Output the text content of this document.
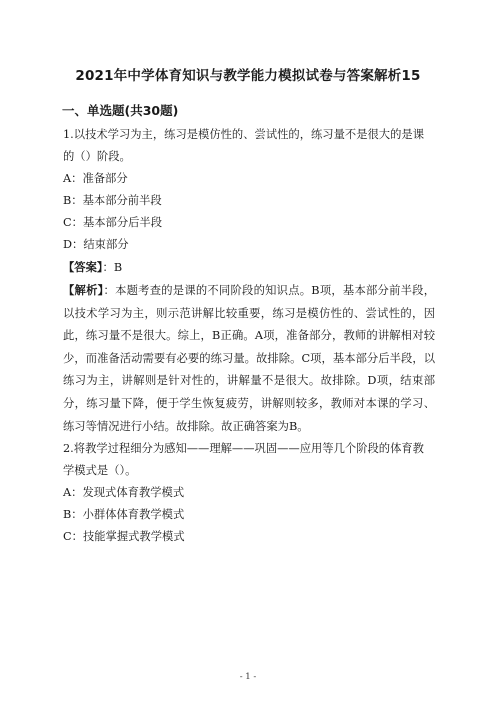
2021年中学体育知识与教学能力模拟试卷与答案解析15
一、单选题(共30题)

1.以技术学习为主，练习是模仿性的、尝试性的，练习量不是很大的是课的（）阶段。

A：准备部分

B：基本部分前半段

C：基本部分后半段

D：结束部分

【答案】：B

【解析】：本题考查的是课的不同阶段的知识点。B项，基本部分前半段，以技术学习为主，则示范讲解比较重要，练习是模仿性的、尝试性的，因此，练习量不是很大。综上，B正确。A项，准备部分，教师的讲解相对较少，而准备活动需要有必要的练习量。故排除。C项，基本部分后半段，以练习为主，讲解则是针对性的，讲解量不是很大。故排除。D项，结束部分，练习量下降，便于学生恢复疲劳，讲解则较多，教师对本课的学习、练习等情况进行小结。故排除。故正确答案为B。

2.将教学过程细分为感知——理解——巩固——应用等几个阶段的体育教学模式是（）。

A：发现式体育教学模式

B：小群体体育教学模式

C：技能掌握式教学模式

- 1 -
